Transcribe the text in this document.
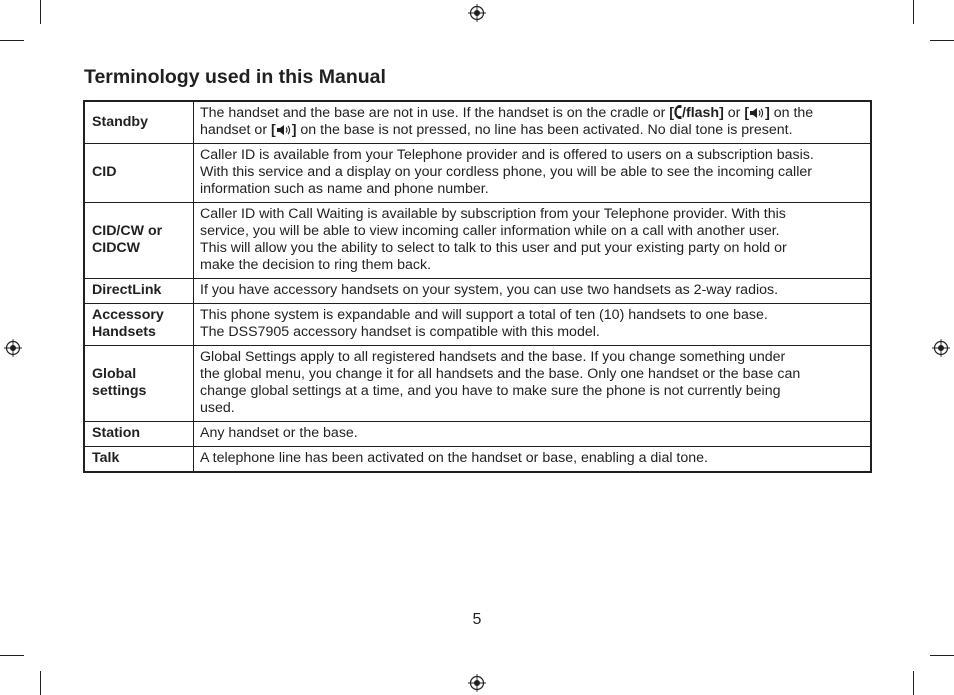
Terminology used in this Manual
Standby	The handset and the base are not in use. If the handset is on the cradle or [ /flash] or [ ] on the handset or [ ] on the base is not pressed, no line has been activated. No dial tone is present.
CID	Caller ID is available from your Telephone provider and is offered to users on a subscription basis.
With this service and a display on your cordless phone, you will be able to see the incoming caller
information such as name and phone number.
CID/CW or
CIDCW	Caller ID with Call Waiting is available by subscription from your Telephone provider. With this
service, you will be able to view incoming caller information while on a call with another user.
This will allow you the ability to select to talk to this user and put your existing party on hold or
make the decision to ring them back.
DirectLink	If you have accessory handsets on your system, you can use two handsets as 2-way radios.
Accessory
Handsets	This phone system is expandable and will support a total of ten (10) handsets to one base.
The DSS7905 accessory handset is compatible with this model.
Global
settings	Global Settings apply to all registered handsets and the base. If you change something under
the global menu, you change it for all handsets and the base. Only one handset or the base can
change global settings at a time, and you have to make sure the phone is not currently being
used.
Station	Any handset or the base.
Talk	A telephone line has been activated on the handset or base, enabling a dial tone.
5
